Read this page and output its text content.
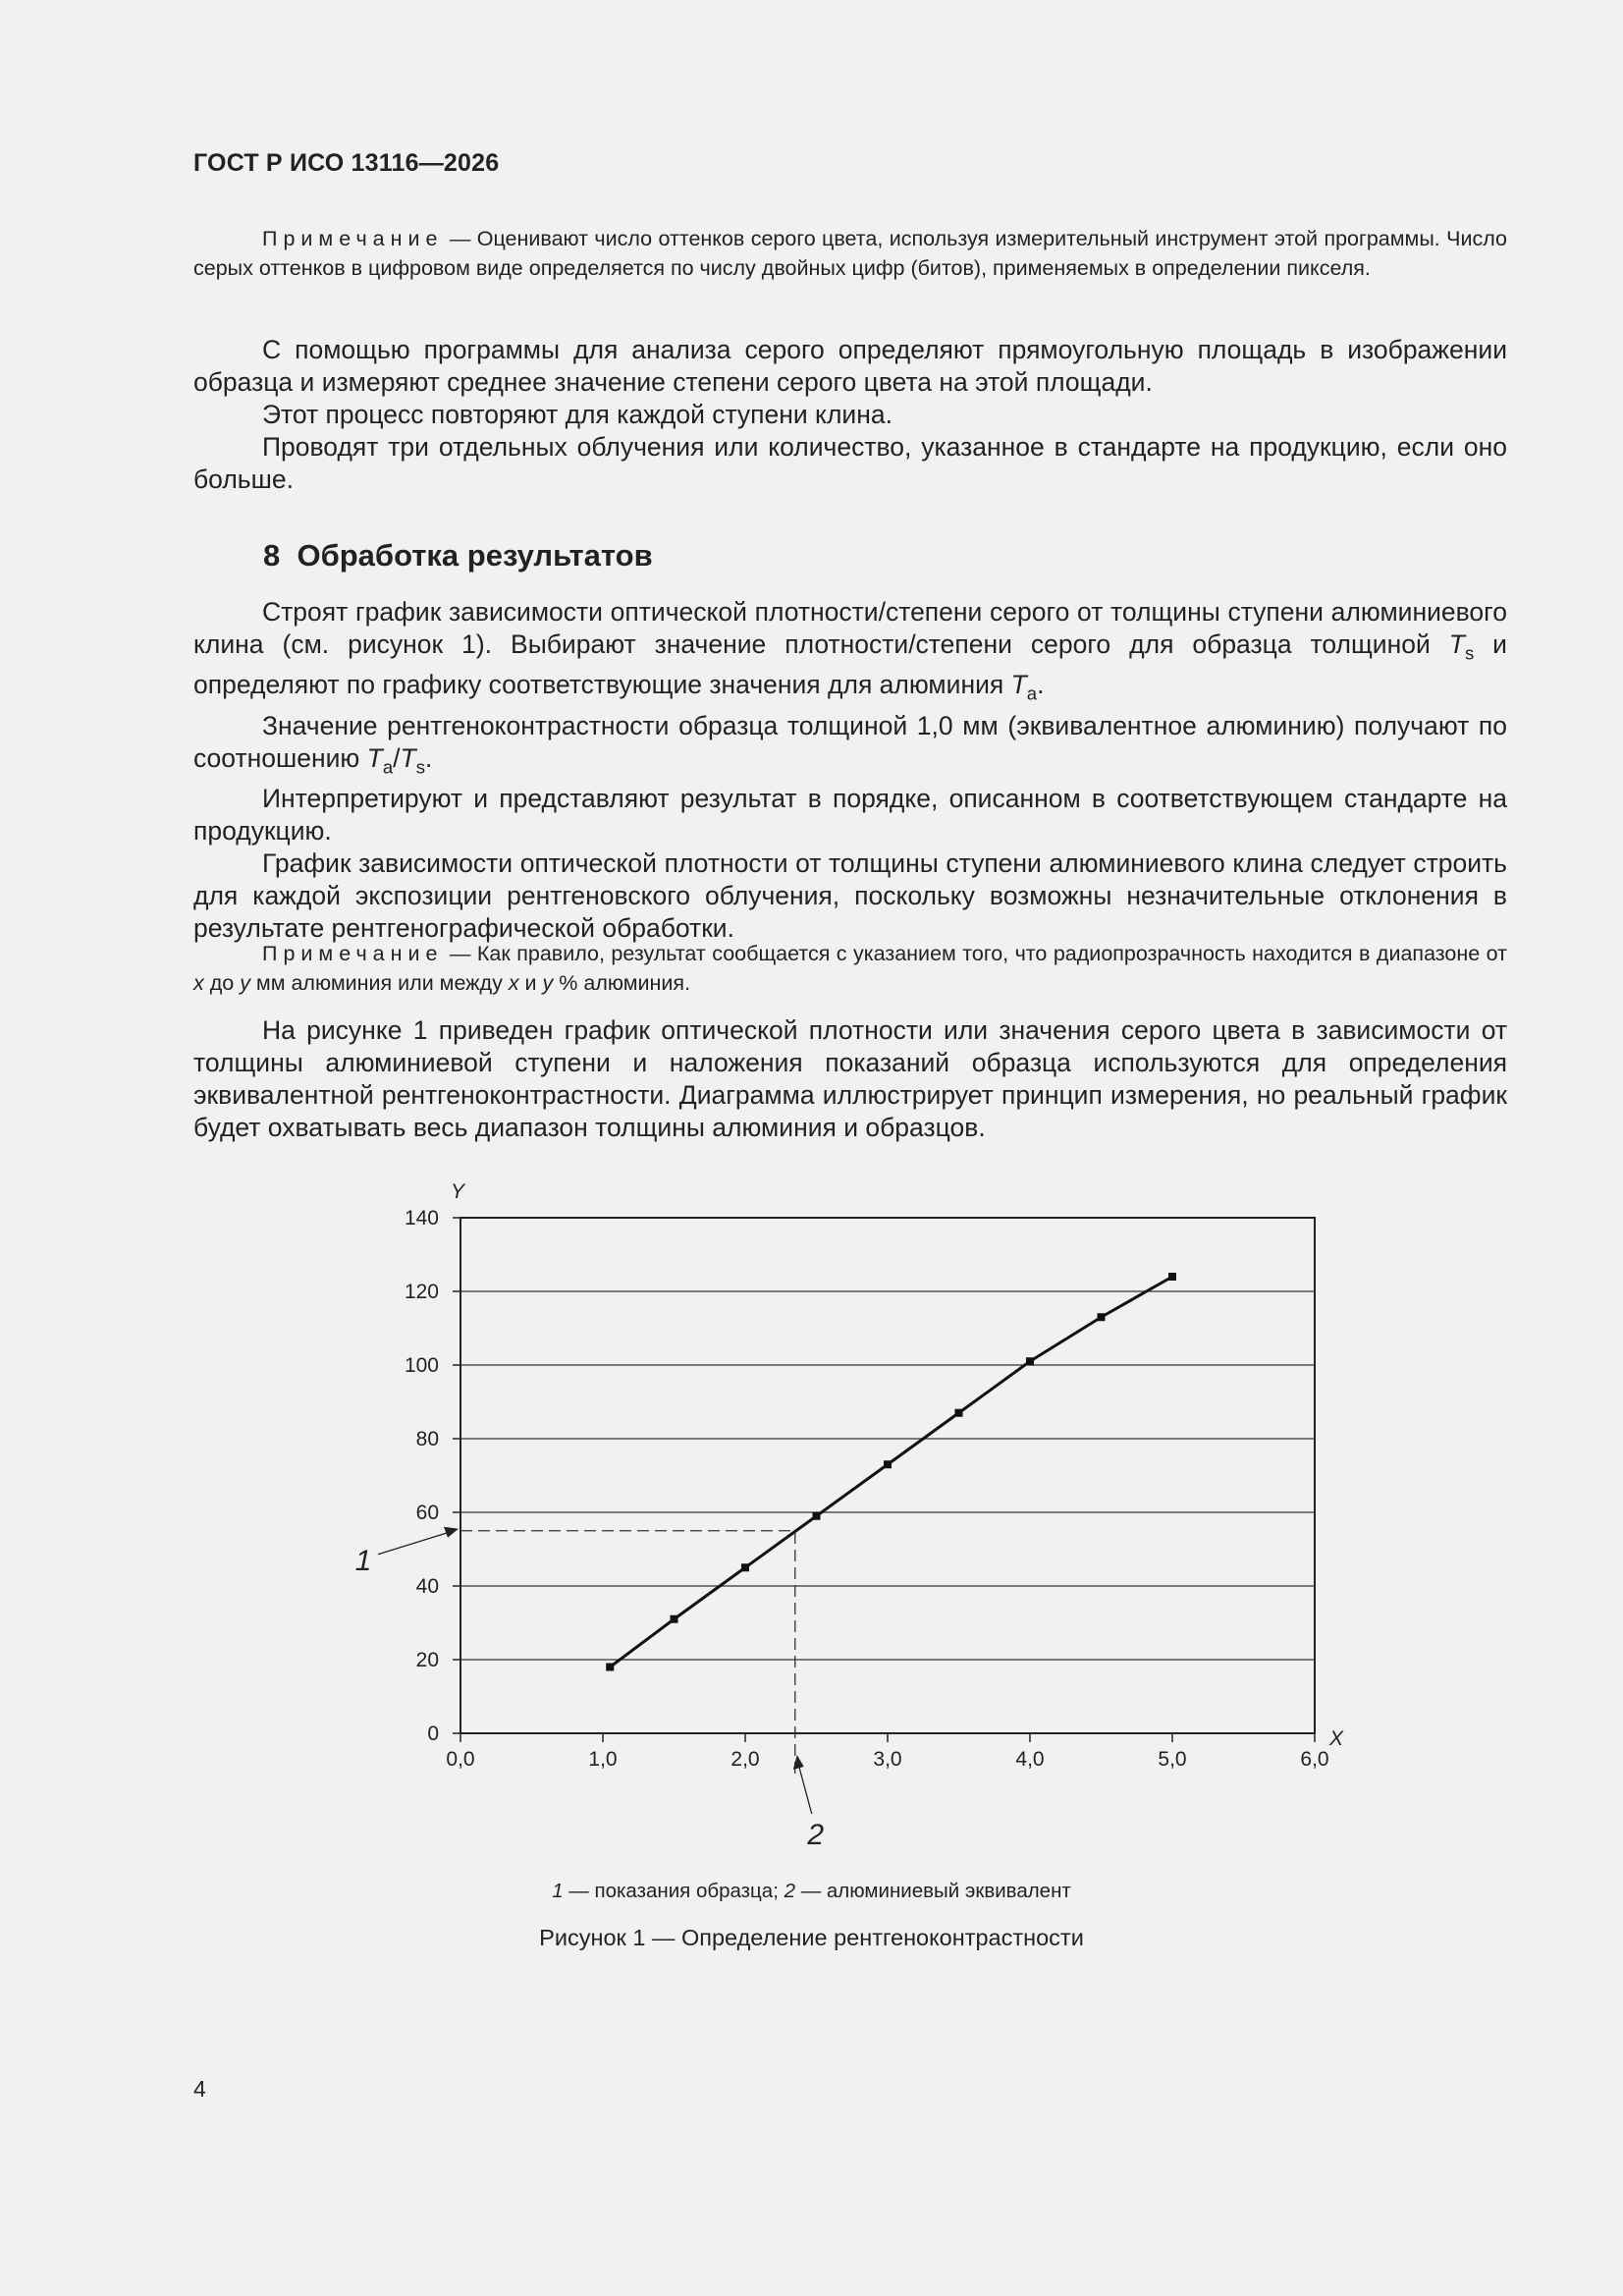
ГОСТ Р ИСО 13116—2026
Примечание — Оценивают число оттенков серого цвета, используя измерительный инструмент этой программы. Число серых оттенков в цифровом виде определяется по числу двойных цифр (битов), применяемых в определении пикселя.

С помощью программы для анализа серого определяют прямоугольную площадь в изображении образца и измеряют среднее значение степени серого цвета на этой площади.

Этот процесс повторяют для каждой ступени клина.

Проводят три отдельных облучения или количество, указанное в стандарте на продукцию, если оно больше.

8 Обработка результатов

Строят график зависимости оптической плотности/степени серого от толщины ступени алюминиевого клина (см. рисунок 1). Выбирают значение плотности/степени серого для образца толщиной $T_s$ и определяют по графику соответствующие значения для алюминия $T_a$.

Значение рентгеноконтрастности образца толщиной 1,0 мм (эквивалентное алюминию) получают по соотношению $T_a/T_s$.

Интерпретируют и представляют результат в порядке, описанном в соответствующем стандарте на продукцию.

График зависимости оптической плотности от толщины ступени алюминиевого клина следует строить для каждой экспозиции рентгеновского облучения, поскольку возможны незначительные отклонения в результате рентгенографической обработки.

Примечание — Как правило, результат сообщается с указанием того, что радиопрозрачность находится в диапазоне от x до y мм алюминия или между x и y % алюминия.

На рисунке 1 приведен график оптической плотности или значения серого цвета в зависимости от толщины алюминиевой ступени и наложения показаний образца используются для определения эквивалентной рентгеноконтрастности. Диаграмма иллюстрирует принцип измерения, но реальный график будет охватывать весь диапазон толщины алюминия и образцов.

0
20
40
60
80
100
120
140
0,0	1,0	2,0	3,0	4,0	5,0	6,0
Y
X
1
2
1 — показания образца; 2 — алюминиевый эквивалент
Рисунок 1 — Определение рентгеноконтрастности
4
